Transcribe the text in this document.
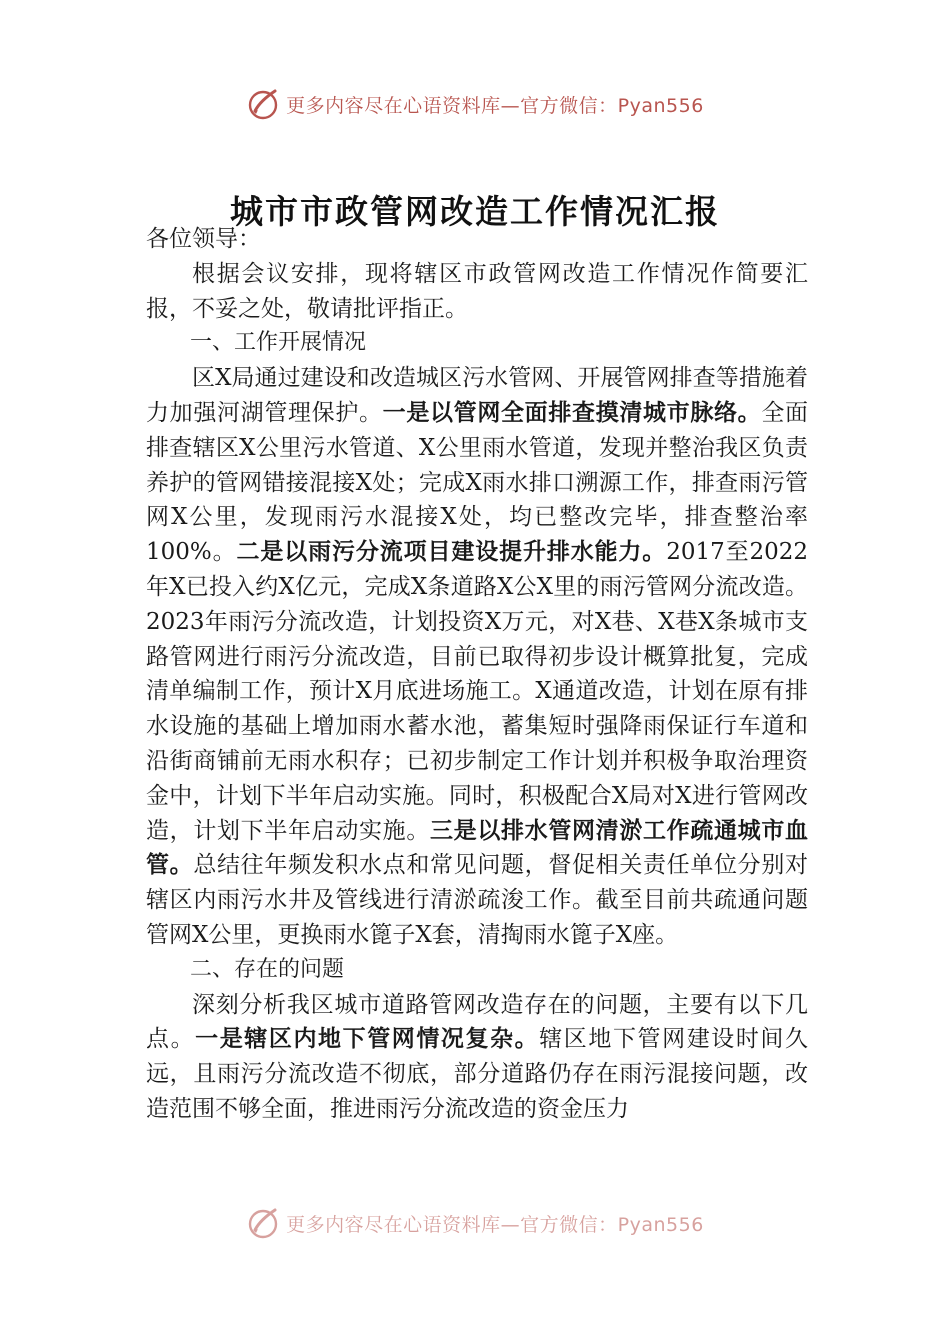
更多内容尽在心语资料库—官方微信：Pyan556
城市市政管网改造工作情况汇报

各位领导：

根据会议安排，现将辖区市政管网改造工作情况作简要汇报，不妥之处，敬请批评指正。

一、工作开展情况

区X局通过建设和改造城区污水管网、开展管网排查等措施着力加强河湖管理保护。一是以管网全面排查摸清城市脉络。全面排查辖区X公里污水管道、X公里雨水管道，发现并整治我区负责养护的管网错接混接X处；完成X雨水排口溯源工作，排查雨污管网X公里，发现雨污水混接X处，均已整改完毕，排查整治率100%。二是以雨污分流项目建设提升排水能力。2017至2022年X已投入约X亿元，完成X条道路X公X里的雨污管网分流改造。2023年雨污分流改造，计划投资X万元，对X巷、X巷X条城市支路管网进行雨污分流改造，目前已取得初步设计概算批复，完成清单编制工作，预计X月底进场施工。X通道改造，计划在原有排水设施的基础上增加雨水蓄水池，蓄集短时强降雨保证行车道和沿街商铺前无雨水积存；已初步制定工作计划并积极争取治理资金中，计划下半年启动实施。同时，积极配合X局对X进行管网改造，计划下半年启动实施。三是以排水管网清淤工作疏通城市血管。总结往年频发积水点和常见问题，督促相关责任单位分别对辖区内雨污水井及管线进行清淤疏浚工作。截至目前共疏通问题管网X公里，更换雨水篦子X套，清掏雨水篦子X座。

二、存在的问题

深刻分析我区城市道路管网改造存在的问题，主要有以下几点。一是辖区内地下管网情况复杂。辖区地下管网建设时间久远，且雨污分流改造不彻底，部分道路仍存在雨污混接问题，改造范围不够全面，推进雨污分流改造的资金压力

更多内容尽在心语资料库—官方微信：Pyan556
